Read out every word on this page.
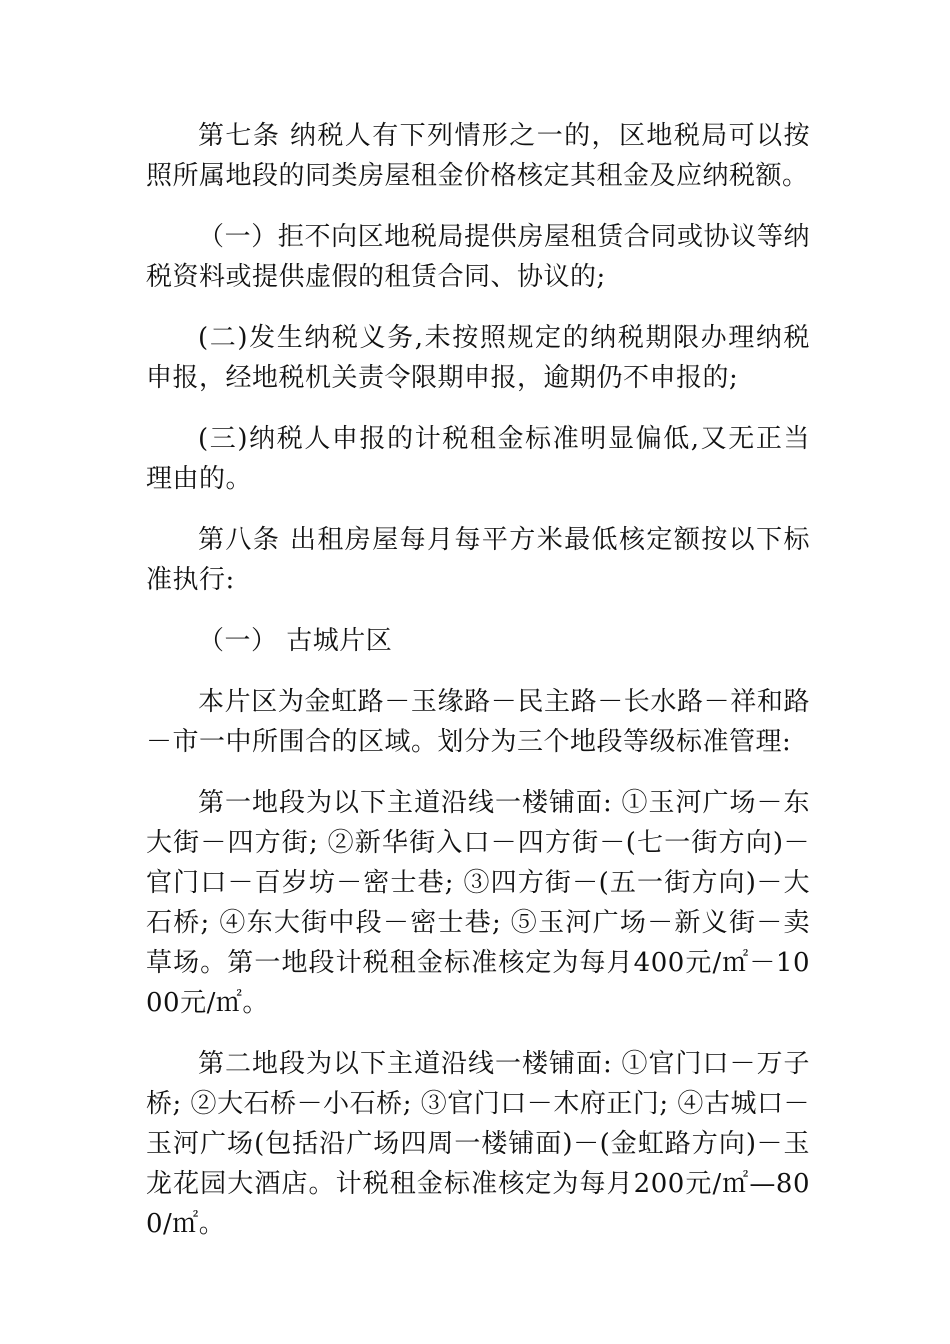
第七条 纳税人有下列情形之一的，区地税局可以按照所属地段的同类房屋租金价格核定其租金及应纳税额。

（一）拒不向区地税局提供房屋租赁合同或协议等纳税资料或提供虚假的租赁合同、协议的;

(二)发生纳税义务,未按照规定的纳税期限办理纳税申报，经地税机关责令限期申报，逾期仍不申报的;

(三)纳税人申报的计税租金标准明显偏低,又无正当理由的。

第八条 出租房屋每月每平方米最低核定额按以下标准执行:

（一） 古城片区

本片区为金虹路－玉缘路－民主路－长水路－祥和路－市一中所围合的区域。划分为三个地段等级标准管理:

第一地段为以下主道沿线一楼铺面: ①玉河广场－东大街－四方街; ②新华街入口－四方街－(七一街方向)－官门口－百岁坊－密士巷; ③四方街－(五一街方向)－大石桥; ④东大街中段－密士巷; ⑤玉河广场－新义街－卖草场。第一地段计税租金标准核定为每月400元/㎡－1000元/㎡。

第二地段为以下主道沿线一楼铺面: ①官门口－万子桥; ②大石桥－小石桥; ③官门口－木府正门; ④古城口－玉河广场(包括沿广场四周一楼铺面)－(金虹路方向)－玉龙花园大酒店。计税租金标准核定为每月200元/㎡—800/㎡。
